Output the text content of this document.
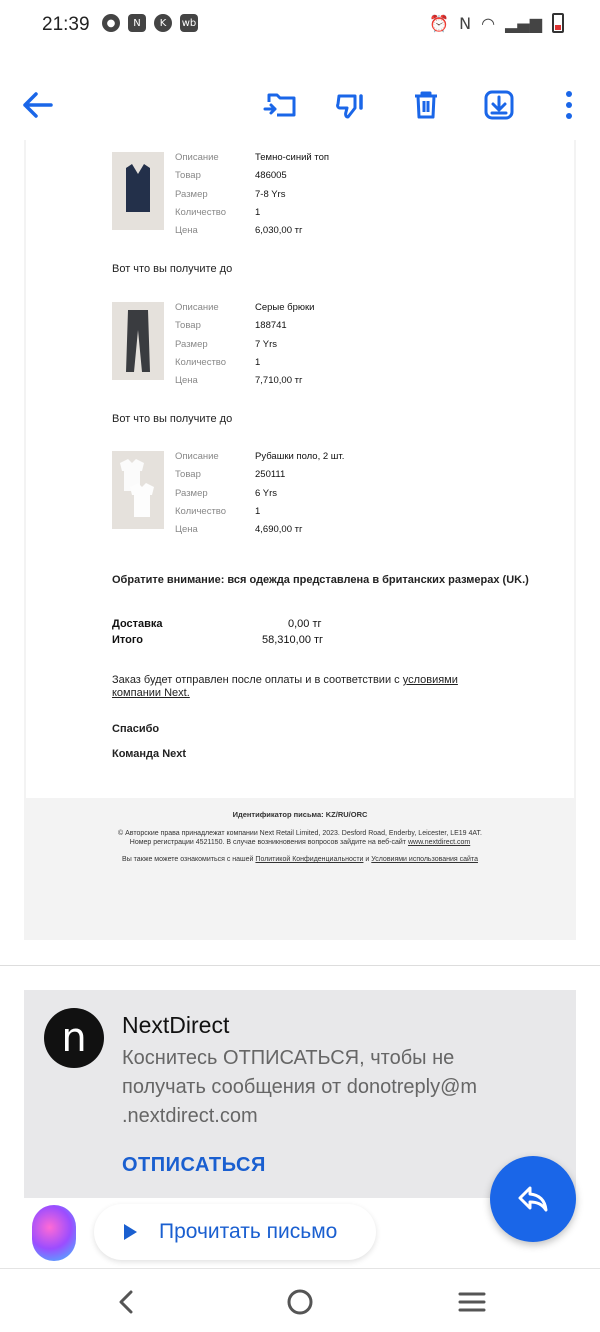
21:39	●	N	K	wb	⏰ N ◠ ▂▄▆
Описание	Темно-синий топ
Товар	486005
Размер	7-8 Yrs
Количество	1
Цена	6,030,00 тг
Вот что вы получите до
Описание	Серые брюки
Товар	188741
Размер	7 Yrs
Количество	1
Цена	7,710,00 тг
Вот что вы получите до
Описание	Рубашки поло, 2 шт.
Товар	250111
Размер	6 Yrs
Количество	1
Цена	4,690,00 тг
Обратите внимание: вся одежда представлена в британских размерах (UK.)
Доставка	0,00 тг
Итого	58,310,00 тг
Заказ будет отправлен после оплаты и в соответствии с условиями компании Next.
Спасибо
Команда Next
Идентификатор письма: KZ/RU/ORC
© Авторские права принадлежат компании Next Retail Limited, 2023. Desford Road, Enderby, Leicester, LE19 4AT.
Номер регистрации 4521150. В случае возникновения вопросов зайдите на веб-сайт www.nextdirect.com
Вы также можете ознакомиться с нашей Политикой Конфиденциальности и Условиями использования сайта
n	NextDirect
Коснитесь ОТПИСАТЬСЯ, чтобы не получать сообщения от donotreply@m .nextdirect.com
ОТПИСАТЬСЯ
Прочитать письмо
